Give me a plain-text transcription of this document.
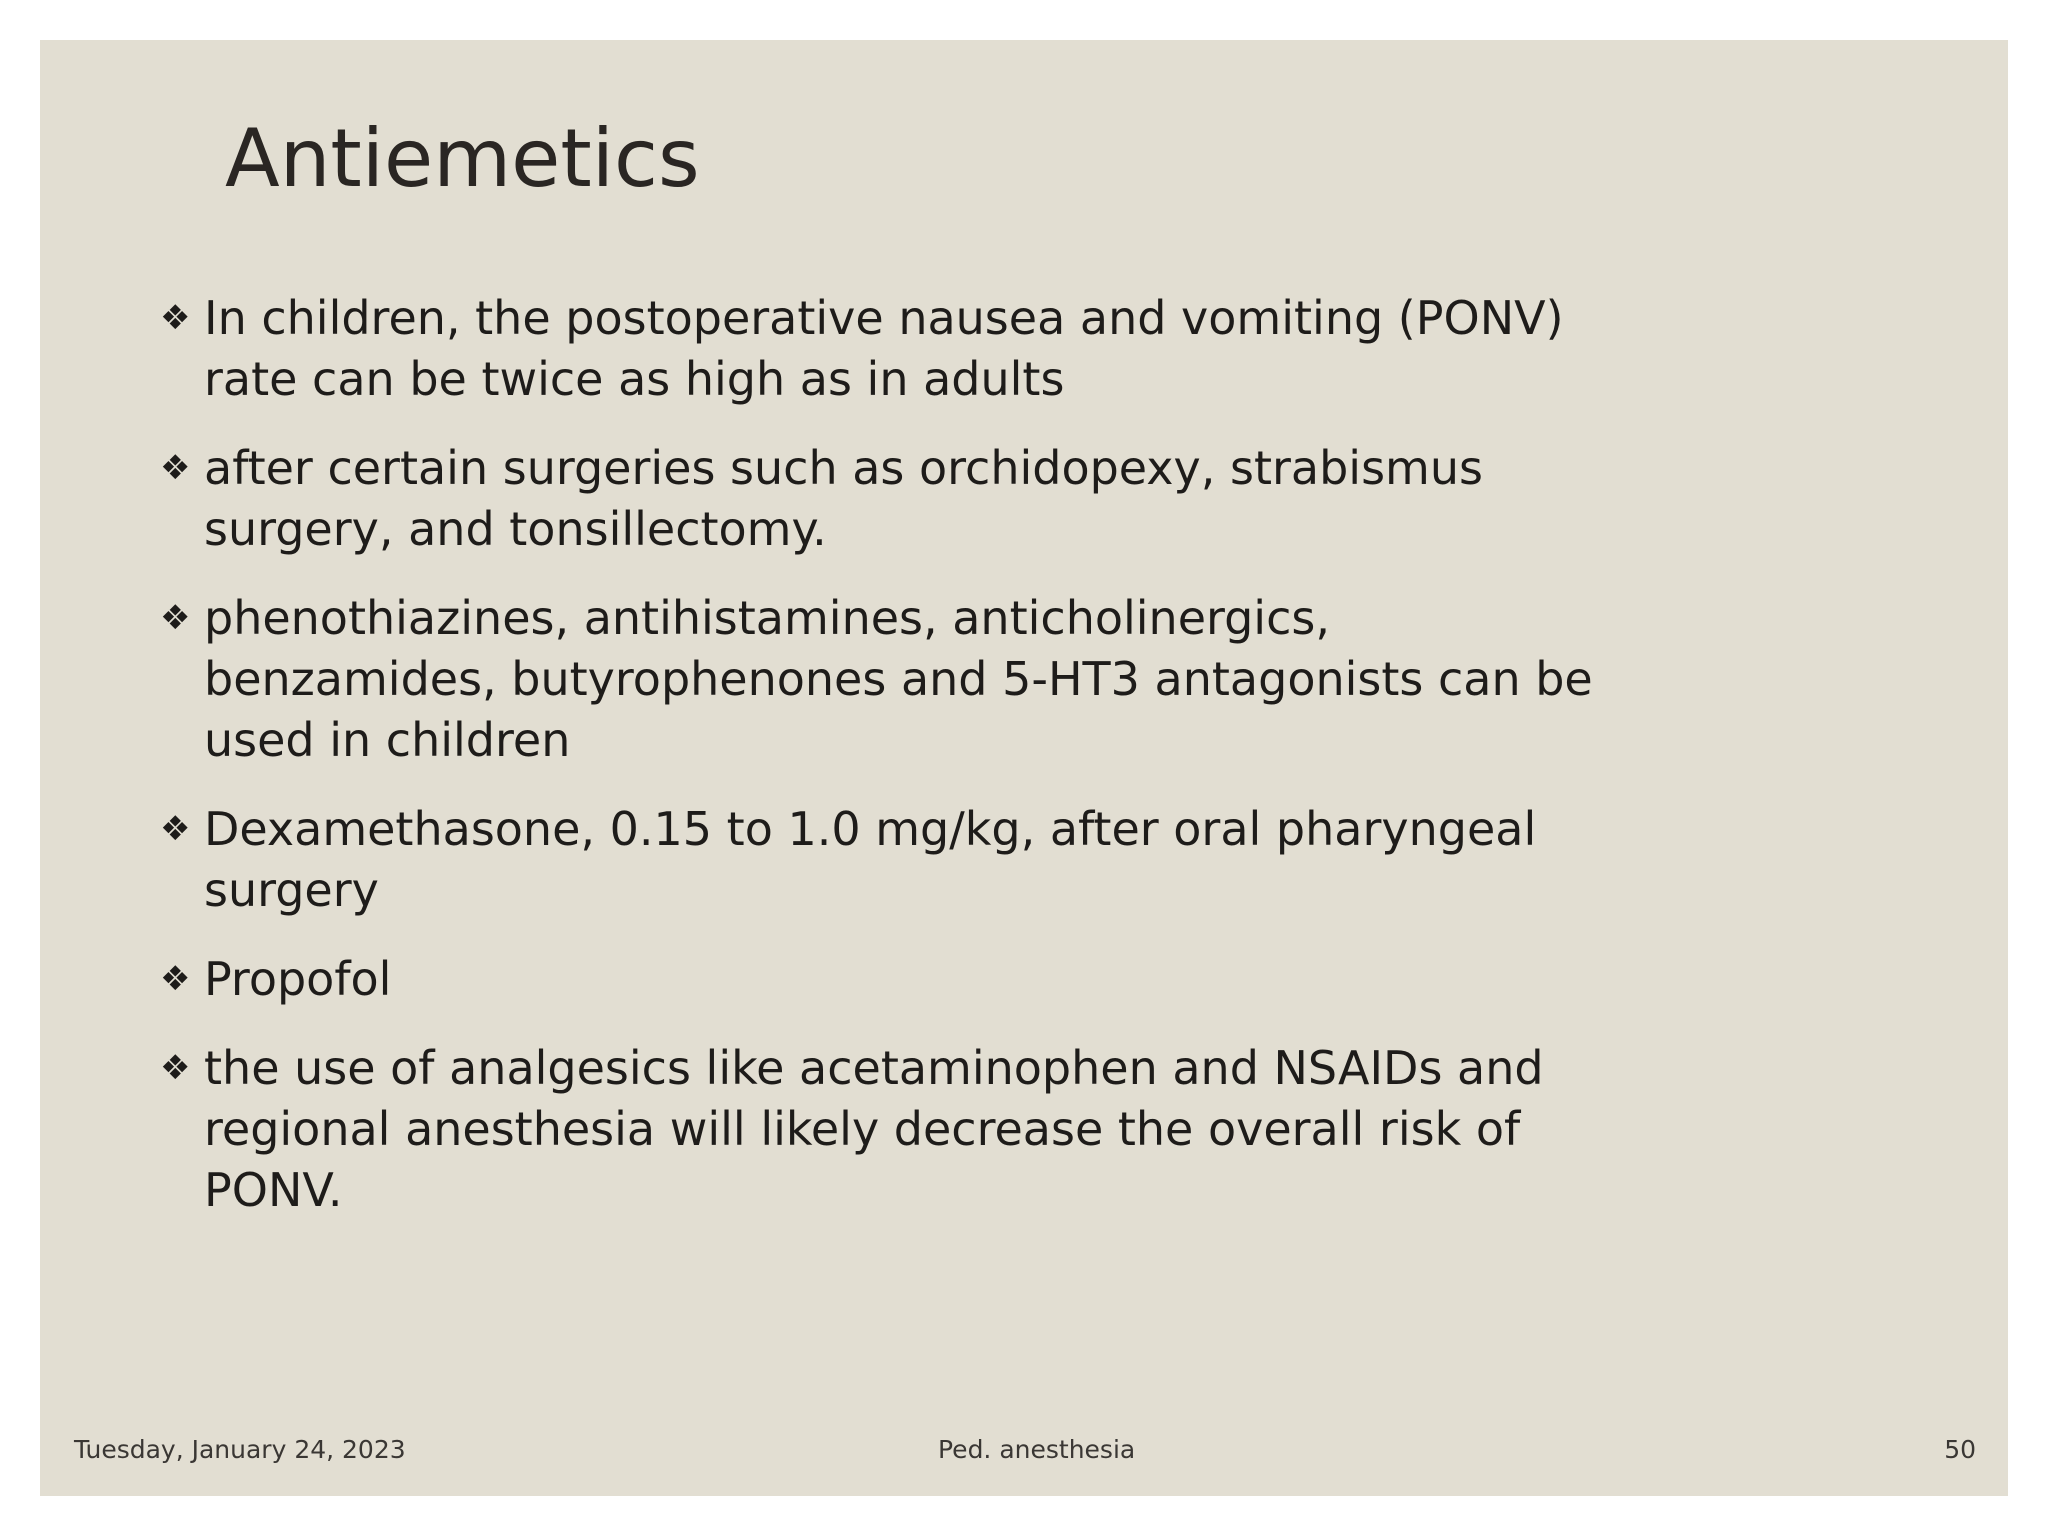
Antiemetics
❖ In children, the postoperative nausea and vomiting (PONV) rate can be twice as high as in adults
❖ after certain surgeries such as orchidopexy, strabismus surgery, and tonsillectomy.
❖ phenothiazines, antihistamines, anticholinergics, benzamides, butyrophenones and 5-HT3 antagonists can be used in children
❖ Dexamethasone, 0.15 to 1.0 mg/kg, after oral pharyngeal surgery
❖ Propofol
❖ the use of analgesics like acetaminophen and NSAIDs and regional anesthesia will likely decrease the overall risk of PONV.
Tuesday, January 24, 2023	Ped. anesthesia	50
